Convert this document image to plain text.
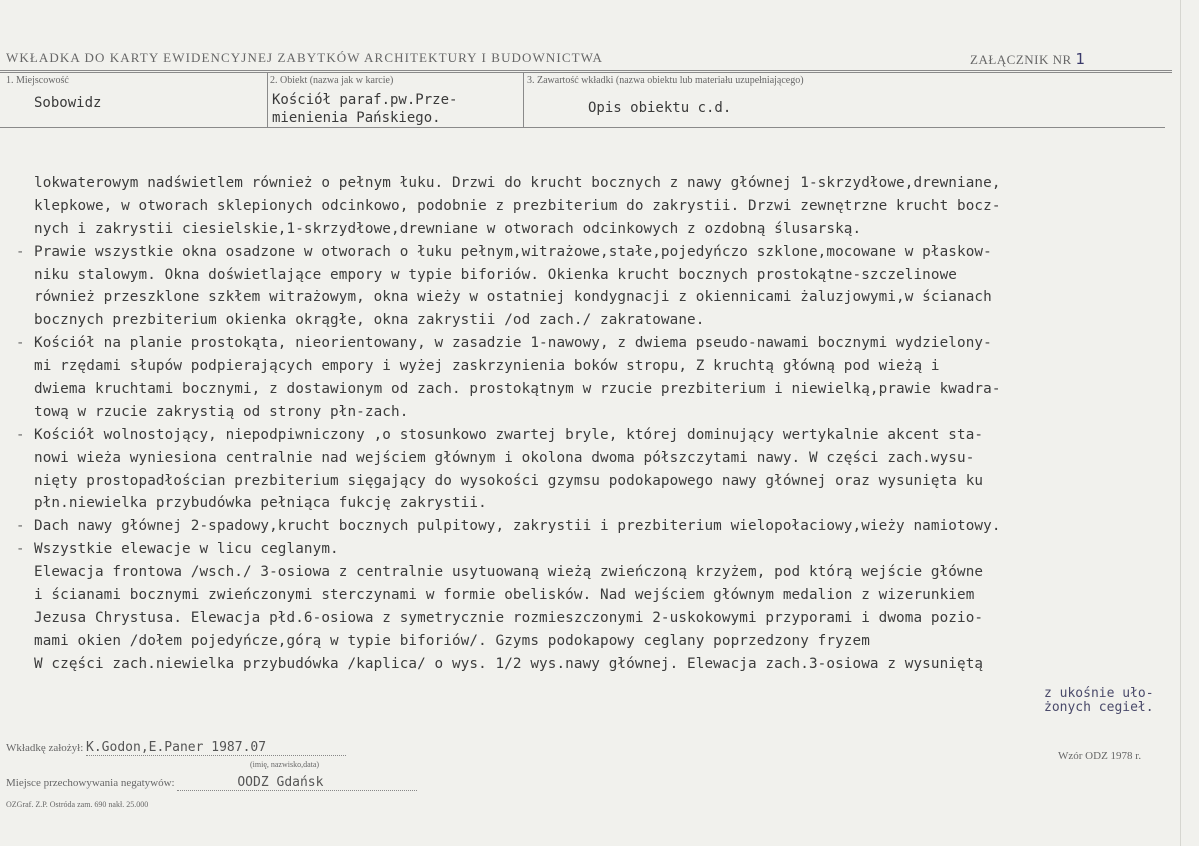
WKŁADKA DO KARTY EWIDENCYJNEJ ZABYTKÓW ARCHITEKTURY I BUDOWNICTWA	ZAŁĄCZNIK NR 1
1. Miejscowość
Sobowidz
2. Obiekt (nazwa jak w karcie)
Kościół paraf.pw.Prze-
mienienia Pańskiego.
3. Zawartość wkładki (nazwa obiektu lub materiału uzupełniającego)
Opis obiektu c.d.
lokwaterowym nadświetlem również o pełnym łuku. Drzwi do krucht bocznych z nawy głównej 1-skrzydłowe,drewniane,
klepkowe, w otworach sklepionych odcinkowo, podobnie z prezbiterium do zakrystii. Drzwi zewnętrzne krucht bocz-
nych i zakrystii ciesielskie,1-skrzydłowe,drewniane w otworach odcinkowych z ozdobną ślusarską.
- Prawie wszystkie okna osadzone w otworach o łuku pełnym,witrażowe,stałe,pojedyńczo szklone,mocowane w płaskow-
niku stalowym. Okna doświetlające empory w typie biforiów. Okienka krucht bocznych prostokątne-szczelinowe
również przeszklone szkłem witrażowym, okna wieży w ostatniej kondygnacji z okiennicami żaluzjowymi,w ścianach
bocznych prezbiterium okienka okrągłe, okna zakrystii /od zach./ zakratowane.
- Kościół na planie prostokąta, nieorientowany, w zasadzie 1-nawowy, z dwiema pseudo-nawami bocznymi wydzielony-
mi rzędami słupów podpierających empory i wyżej zaskrzynienia boków stropu, Z kruchtą główną pod wieżą i
dwiema kruchtami bocznymi, z dostawionym od zach. prostokątnym w rzucie prezbiterium i niewielką,prawie kwadra-
tową w rzucie zakrystią od strony płn-zach.
- Kościół wolnostojący, niepodpiwniczony ,o stosunkowo zwartej bryle, której dominujący wertykalnie akcent sta-
nowi wieża wyniesiona centralnie nad wejściem głównym i okolona dwoma półszczytami nawy. W części zach.wysu-
nięty prostopadłościan prezbiterium sięgający do wysokości gzymsu podokapowego nawy głównej oraz wysunięta ku
płn.niewielka przybudówka pełniąca fukcję zakrystii.
- Dach nawy głównej 2-spadowy,krucht bocznych pulpitowy, zakrystii i prezbiterium wielopołaciowy,wieży namiotowy.
- Wszystkie elewacje w licu ceglanym.
Elewacja frontowa /wsch./ 3-osiowa z centralnie usytuowaną wieżą zwieńczoną krzyżem, pod którą wejście główne
i ścianami bocznymi zwieńczonymi sterczynami w formie obelisków. Nad wejściem głównym medalion z wizerunkiem
Jezusa Chrystusa. Elewacja płd.6-osiowa z symetrycznie rozmieszczonymi 2-uskokowymi przyporami i dwoma pozio-
mami okien /dołem pojedyńcze,górą w typie biforiów/. Gzyms podokapowy ceglany poprzedzony fryzem
W części zach.niewielka przybudówka /kaplica/ o wys. 1/2 wys.nawy głównej. Elewacja zach.3-osiowa z wysuniętą
z ukośnie uło-
żonych cegieł.
Wkładkę założył: K.Godon,E.Paner 1987.07
(imię, nazwisko,data)
Wzór ODZ 1978 r.
Miejsce przechowywania negatywów:	OODZ Gdańsk
OZGraf. Z.P. Ostróda zam. 690 nakł. 25.000
